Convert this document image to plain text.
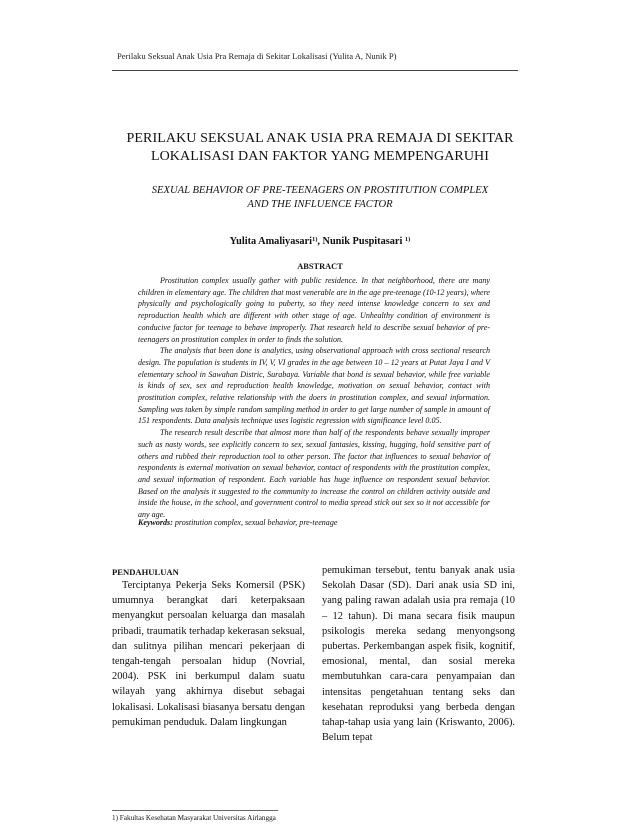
Perilaku Seksual Anak Usia Pra Remaja di Sekitar Lokalisasi (Yulita A, Nunik P)
PERILAKU SEKSUAL ANAK USIA PRA REMAJA DI SEKITAR
LOKALISASI DAN FAKTOR YANG MEMPENGARUHI
SEXUAL BEHAVIOR OF PRE-TEENAGERS ON PROSTITUTION COMPLEX
AND THE INFLUENCE FACTOR
Yulita Amaliyasari$^{1)}$, Nunik Puspitasari $^{1)}$
ABSTRACT

Prostitution complex usually gather with public residence. In that neighborhood, there are many children in elementary age. The children that most venerable are in the age pre-teenage (10-12 years), where physically and psychologically going to puberty, so they need intense knowledge concern to sex and reproduction health which are different with other stage of age. Unhealthy condition of environment is conducive factor for teenage to behave improperly. That research held to describe sexual behavior of pre-teenagers on prostitution complex in order to finds the solution.

The analysis that been done is analytics, using observational approach with cross sectional research design. The population is students in IV, V, VI grades in the age between 10 – 12 years at Putat Jaya I and V elementary school in Sawahan Distric, Surabaya. Variable that bond is sexual behavior, while free variable is kinds of sex, sex and reproduction health knowledge, motivation on sexual behavior, contact with prostitution complex, relative relationship with the doers in prostitution complex, and sexual information. Sampling was taken by simple random sampling method in order to get large number of sample in amount of 151 respondents. Data analysis technique uses logistic regression with significance level 0.05.

The research result describe that almost more than half of the respondents behave sexually improper such as nasty words, see explicitly concern to sex, sexual fantasies, kissing, hugging, hold sensitive part of others and rubbed their reproduction tool to other person. The factor that influences to sexual behavior of respondents is external motivation on sexual behavior, contact of respondents with the prostitution complex, and sexual information of respondent. Each variable has huge influence on respondent sexual behavior. Based on the analysis it suggested to the community to increase the control on children activity outside and inside the house, in the school, and government control to media spread stick out sex so it not accessible for any age.

Keywords: prostitution complex, sexual behavior, pre-teenage
PENDAHULUAN

Terciptanya Pekerja Seks Komersil (PSK) umumnya berangkat dari keterpaksaan menyangkut persoalan keluarga dan masalah pribadi, traumatik terhadap kekerasan seksual, dan sulitnya pilihan mencari pekerjaan di tengah-tengah persoalan hidup (Novrial, 2004). PSK ini berkumpul dalam suatu wilayah yang akhirnya disebut sebagai lokalisasi. Lokalisasi biasanya bersatu dengan pemukiman penduduk. Dalam lingkungan

pemukiman tersebut, tentu banyak anak usia Sekolah Dasar (SD). Dari anak usia SD ini, yang paling rawan adalah usia pra remaja (10 – 12 tahun). Di mana secara fisik maupun psikologis mereka sedang menyongsong pubertas. Perkembangan aspek fisik, kognitif, emosional, mental, dan sosial mereka membutuhkan cara-cara penyampaian dan intensitas pengetahuan tentang seks dan kesehatan reproduksi yang berbeda dengan tahap-tahap usia yang lain (Kriswanto, 2006). Belum tepat

1) Fakultas Kesehatan Masyarakat Universitas Airlangga
